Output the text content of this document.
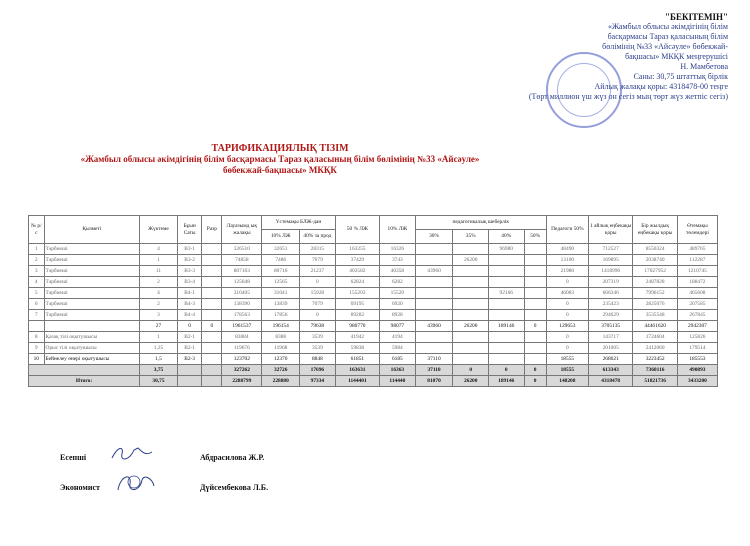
"БЕКІТЕМІН"
«Жамбыл облысы әкімдігінің білім
басқармасы Тараз қаласының білім
бөлімінің №33 «Айсәуле» бөбекжай-
бақшасы» МКҚК меңгерушісі
Н. Мамбетова
Саны: 30,75 штаттық бірлік
Айлық жалақы қоры: 4318478-00 теңге
(Төрт миллион үш жүз он сегіз мың төрт жүз жетпіс сегіз)
ТАРИФИКАЦИЯЛЫҚ ТІЗІМ
«Жамбыл облысы әкімдігінің білім басқармасы Тараз қаласының білім бөлімінің №33 «Айсәуле»
бөбекжай-бақшасы» МКҚК
№ р/с	Қызметі	Жүктеме	Бұын Саты	Разр	Лауазымд ық жалақы	Үстемақы БЛЖ-дан		50 % ЛЖ	10% ЛЖ	педагогикалық шеберлік				Педагоги 50%	1 айлық еңбекақы қоры	Бір жылдық еңбекақы қоры	Өтемақы төлемдері
						10% ЛЖ	40% за прод			30%	35%	40%	50%				
1	Тәрбиеші	4	В3-1		326510	32651	28315	163255	16326			96980		48490	712527	8550324	489765
2	Тәрбиеші	1	В3-2		74858	7486	7079	37429	3743		26200			13100	169895	2038740	112287
3	Тәрбиеші	11	В3-3		807163	80716	21237	403582	40358	43960				21980	1418996	17027952	1210745
4	Тәрбиеші	2	В3-4		125648	12565	0	62824	6282					0	207319	2487828	188472
5	Тәрбиеші	4	В4-1		310405	31041	15928	155203	15520			92166		46083	666346	7996152	465608
6	Тәрбиеші	2	В4-3		138390	13839	7079	69195	6920					0	235423	2825076	207585
7	Тәрбиеші	3	В4-4		178563	17856	0	89282	8928					0	294629	3535548	267845
		27	0	0	1961537	196154	79638	980770	98077	43960	26200	189146	0	129653	3705135	44461620	2942307
8	Қазақ тілі оқытушысы	1	В2-1		83884	8388	3539	41942	4194					0	143717	1724604	125826
9	Орыс тілі оқытушысы	1,25	В2-1		119676	11968	3539	59838	5984					0	201005	2412060	179514
10	Бейнелеу өнері оқытушысы	1,5	В2-3		123702	12370	8848	61851	6185	37110				18555	268621	3223452	185553
		3,75			327262	32726	17696	163631	16363	37110	0	0	0	18555	613343	7360116	490893
Итого:		30,75			2288799	228880	97334	1144401	114440	81070	26200	189146	0	148208	4318478	51821736	3433200
Есепші	Абдрасилова Ж.Р.
Экономист	Дүйсембекова Л.Б.
